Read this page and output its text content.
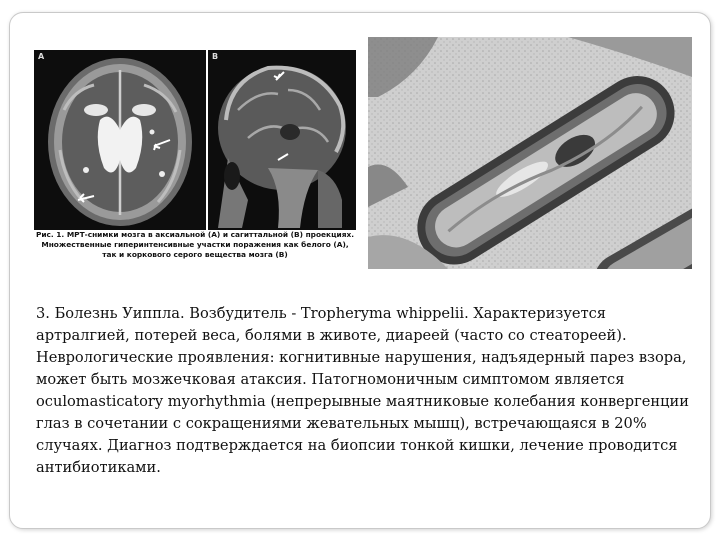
A	B
Рис. 1. МРТ-снимки мозга в аксиальной (А) и сагиттальной (В) проекциях. Множественные гиперинтенсивные участки поражения как белого (А), так и коркового серого вещества мозга (В)

3. Болезнь Уиппла. Возбудитель - Tropheryma whippelii. Характеризуется артралгией, потерей веса, болями в животе, диареей (часто со стеатореей). Неврологические проявления: когнитивные нарушения, надъядерный парез взора, может быть мозжечковая атаксия. Патогномоничным симптомом является oculomasticatory myorhythmia (непрерывные маятниковые колебания конвергенции глаз в сочетании с сокращениями жевательных мышц), встречающаяся в 20% случаях. Диагноз подтверждается на биопсии тонкой кишки, лечение проводится антибиотиками.
